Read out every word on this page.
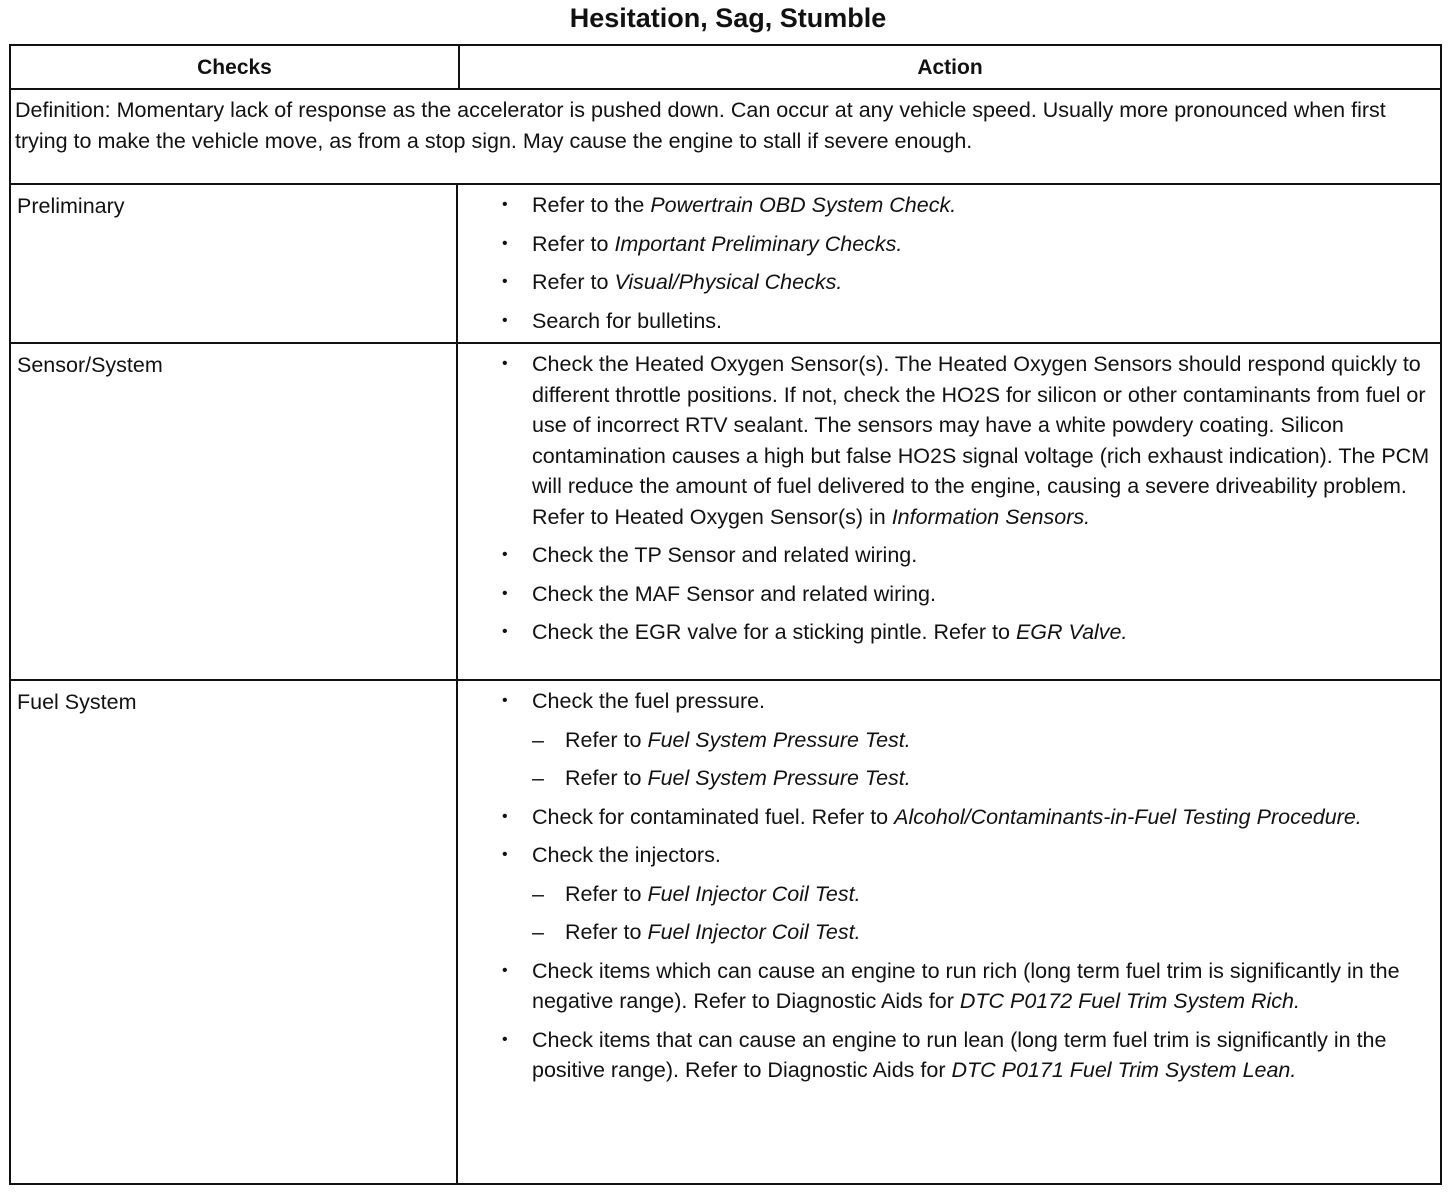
Hesitation, Sag, Stumble
Checks	Action
Definition: Momentary lack of response as the accelerator is pushed down. Can occur at any vehicle speed. Usually more pronounced when first trying to make the vehicle move, as from a stop sign. May cause the engine to stall if severe enough.
Preliminary	• Refer to the Powertrain OBD System Check.
• Refer to Important Preliminary Checks.
• Refer to Visual/Physical Checks.
• Search for bulletins.
Sensor/System	• Check the Heated Oxygen Sensor(s). The Heated Oxygen Sensors should respond quickly to different throttle positions. If not, check the HO2S for silicon or other contaminants from fuel or use of incorrect RTV sealant. The sensors may have a white powdery coating. Silicon contamination causes a high but false HO2S signal voltage (rich exhaust indication). The PCM will reduce the amount of fuel delivered to the engine, causing a severe driveability problem. Refer to Heated Oxygen Sensor(s) in Information Sensors.
• Check the TP Sensor and related wiring.
• Check the MAF Sensor and related wiring.
• Check the EGR valve for a sticking pintle. Refer to EGR Valve.
Fuel System	• Check the fuel pressure.
– Refer to Fuel System Pressure Test.
– Refer to Fuel System Pressure Test.
• Check for contaminated fuel. Refer to Alcohol/Contaminants-in-Fuel Testing Procedure.
• Check the injectors.
– Refer to Fuel Injector Coil Test.
– Refer to Fuel Injector Coil Test.
• Check items which can cause an engine to run rich (long term fuel trim is significantly in the negative range). Refer to Diagnostic Aids for DTC P0172 Fuel Trim System Rich.
• Check items that can cause an engine to run lean (long term fuel trim is significantly in the positive range). Refer to Diagnostic Aids for DTC P0171 Fuel Trim System Lean.
